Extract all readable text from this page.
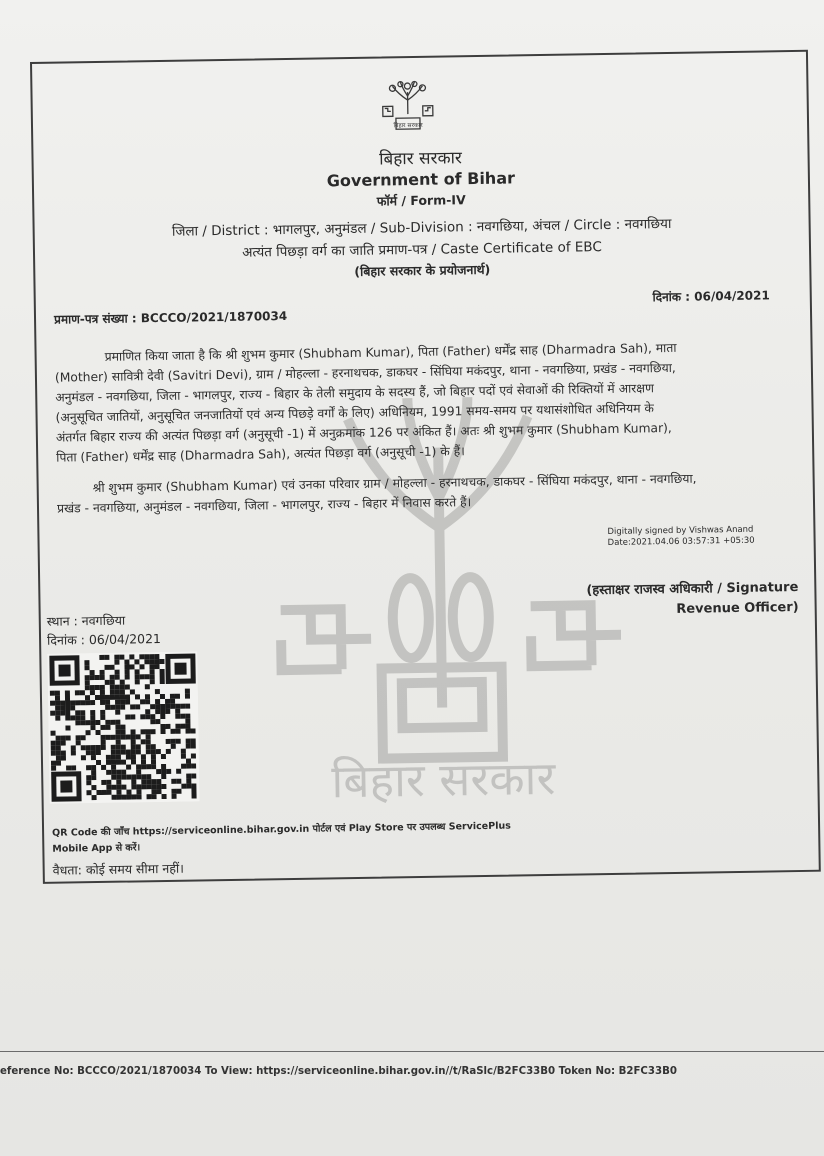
बिहार सरकार
बिहार सरकार
Government of Bihar
फॉर्म / Form-IV
जिला / District : भागलपुर, अनुमंडल / Sub-Division : नवगछिया, अंचल / Circle : नवगछिया
अत्यंत पिछड़ा वर्ग का जाति प्रमाण-पत्र / Caste Certificate of EBC
(बिहार सरकार के प्रयोजनार्थ)
प्रमाण-पत्र संख्या : BCCCO/2021/1870034
दिनांक : 06/04/2021
बिहार सरकार
प्रमाणित किया जाता है कि श्री शुभम कुमार (Shubham Kumar), पिता (Father) धर्मेंद्र साह (Dharmadra Sah), माता
(Mother) सावित्री देवी (Savitri Devi), ग्राम / मोहल्ला - हरनाथचक, डाकघर - सिंघिया मकंदपुर, थाना - नवगछिया, प्रखंड - नवगछिया,
अनुमंडल - नवगछिया, जिला - भागलपुर, राज्य - बिहार के तेली समुदाय के सदस्य हैं, जो बिहार पदों एवं सेवाओं की रिक्तियों में आरक्षण
(अनुसूचित जातियों, अनुसूचित जनजातियों एवं अन्य पिछड़े वर्गों के लिए) अधिनियम, 1991 समय-समय पर यथासंशोधित अधिनियम के
अंतर्गत बिहार राज्य की अत्यंत पिछड़ा वर्ग (अनुसूची -1) में अनुक्रमांक 126 पर अंकित हैं। अतः श्री शुभम कुमार (Shubham Kumar),
पिता (Father) धर्मेंद्र साह (Dharmadra Sah), अत्यंत पिछड़ा वर्ग (अनुसूची -1) के हैं।
श्री शुभम कुमार (Shubham Kumar) एवं उनका परिवार ग्राम / मोहल्ला - हरनाथचक, डाकघर - सिंघिया मकंदपुर, थाना - नवगछिया,
प्रखंड - नवगछिया, अनुमंडल - नवगछिया, जिला - भागलपुर, राज्य - बिहार में निवास करते हैं।
Digitally signed by Vishwas Anand
Date:2021.04.06 03:57:31 +05:30
(हस्ताक्षर राजस्व अधिकारी / Signature
Revenue Officer)
स्थान : नवगछिया
दिनांक : 06/04/2021
QR Code की जाँच https://serviceonline.bihar.gov.in पोर्टल एवं Play Store पर उपलब्ध ServicePlus
Mobile App से करें।
वैधता: कोई समय सीमा नहीं।
eference No: BCCCO/2021/1870034 To View: https://serviceonline.bihar.gov.in//t/RaSlc/B2FC33B0 Token No: B2FC33B0
